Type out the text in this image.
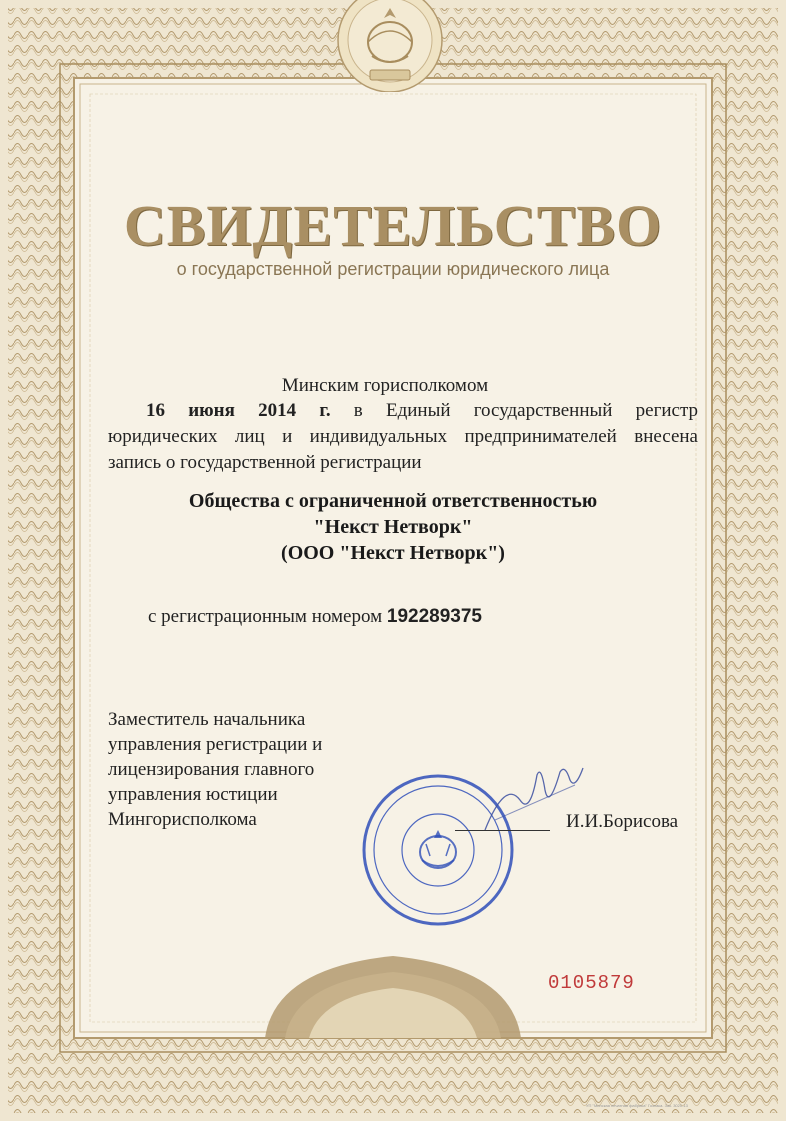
СВИДЕТЕЛЬСТВО
о государственной регистрации юридического лица
Минским горисполкомом
16 июня 2014 г. в Единый государственный регистр
юридических лиц и индивидуальных предпринимателей внесена
запись о государственной регистрации
Общества с ограниченной ответственностью
"Некст Нетворк"
(ООО "Некст Нетворк")
с регистрационным номером 192289375
Заместитель начальника
управления регистрации и
лицензирования главного
управления юстиции
Мингорисполкома	И.И.Борисова
0105879
УП "Минская печатная фабрика" Гознака. Зак. 3020-13
